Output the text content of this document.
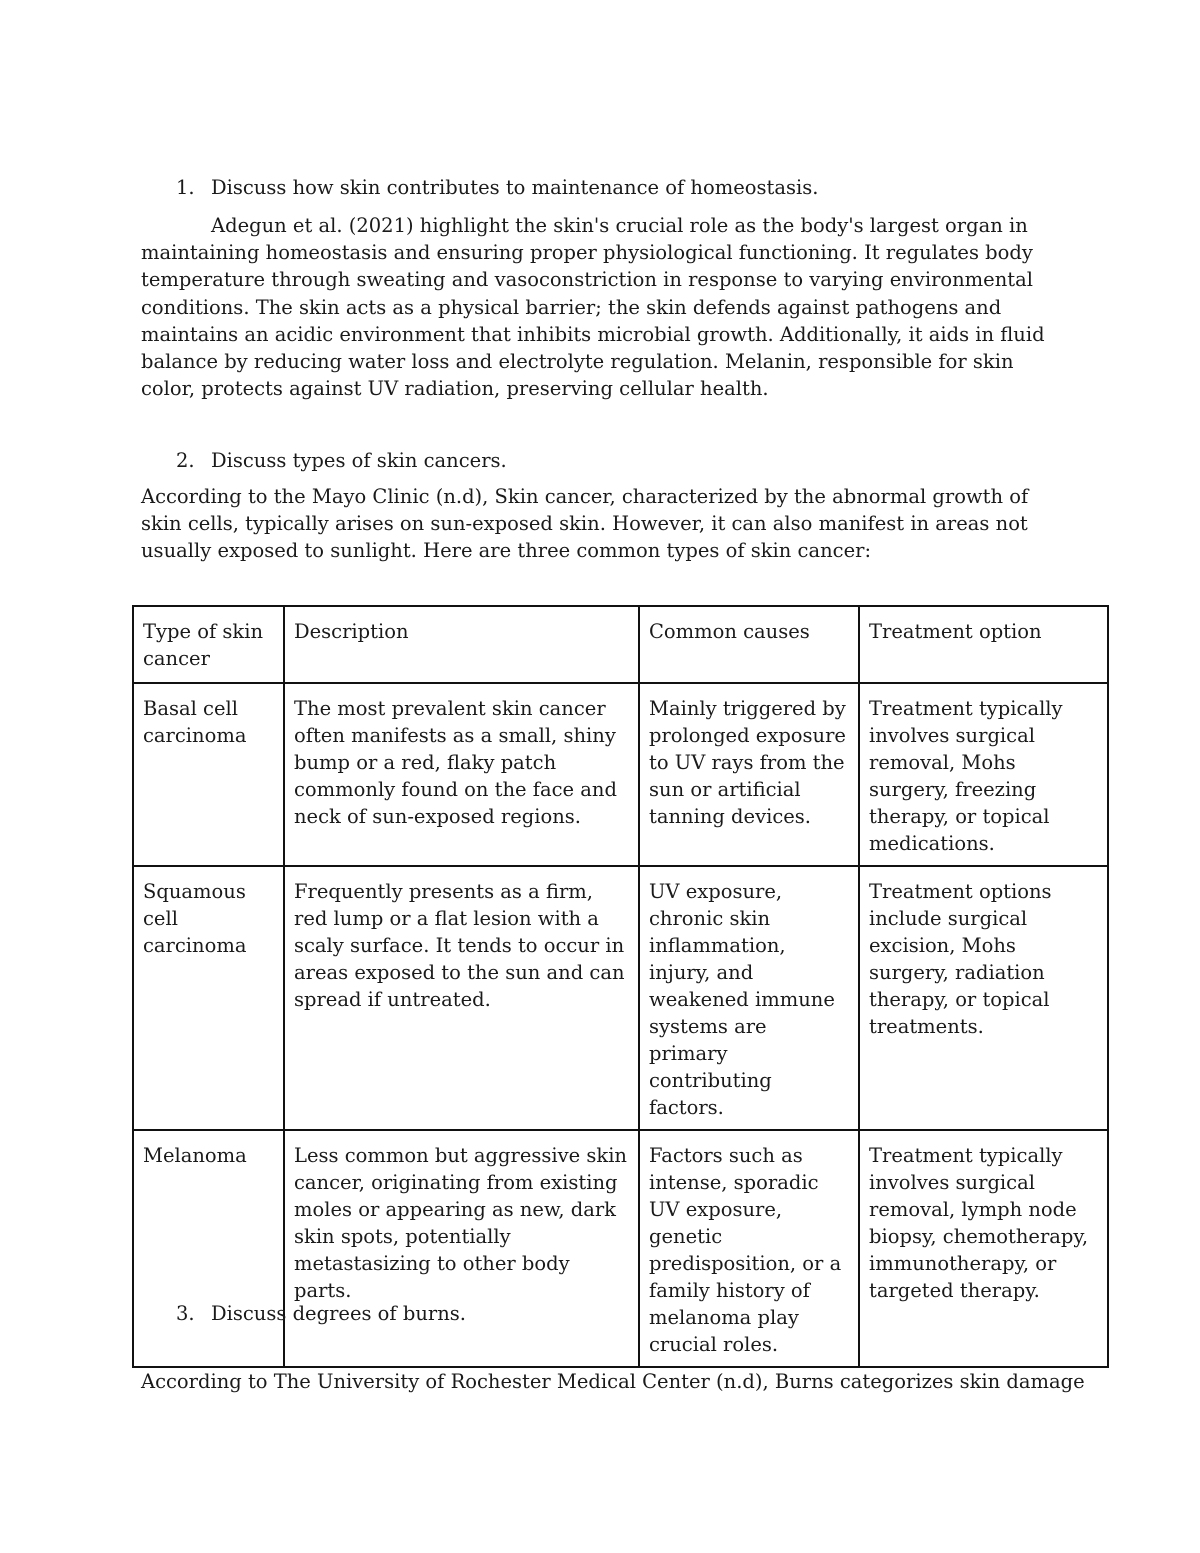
1. Discuss how skin contributes to maintenance of homeostasis.

Adegun et al. (2021) highlight the skin's crucial role as the body's largest organ in maintaining homeostasis and ensuring proper physiological functioning. It regulates body temperature through sweating and vasoconstriction in response to varying environmental conditions. The skin acts as a physical barrier; the skin defends against pathogens and maintains an acidic environment that inhibits microbial growth. Additionally, it aids in fluid balance by reducing water loss and electrolyte regulation. Melanin, responsible for skin color, protects against UV radiation, preserving cellular health.

2. Discuss types of skin cancers.

According to the Mayo Clinic (n.d), Skin cancer, characterized by the abnormal growth of skin cells, typically arises on sun-exposed skin. However, it can also manifest in areas not usually exposed to sunlight. Here are three common types of skin cancer:

Type of skin cancer	Description	Common causes	Treatment option
Basal cell carcinoma	The most prevalent skin cancer often manifests as a small, shiny bump or a red, flaky patch commonly found on the face and neck of sun-exposed regions.	Mainly triggered by prolonged exposure to UV rays from the sun or artificial tanning devices.	Treatment typically involves surgical removal, Mohs surgery, freezing therapy, or topical medications.
Squamous cell carcinoma	Frequently presents as a firm, red lump or a flat lesion with a scaly surface. It tends to occur in areas exposed to the sun and can spread if untreated.	UV exposure, chronic skin inflammation, injury, and weakened immune systems are primary contributing factors.	Treatment options include surgical excision, Mohs surgery, radiation therapy, or topical treatments.
Melanoma	Less common but aggressive skin cancer, originating from existing moles or appearing as new, dark skin spots, potentially metastasizing to other body parts.	Factors such as intense, sporadic UV exposure, genetic predisposition, or a family history of melanoma play crucial roles.	Treatment typically involves surgical removal, lymph node biopsy, chemotherapy, immunotherapy, or targeted therapy.
3. Discuss degrees of burns.

According to The University of Rochester Medical Center (n.d), Burns categorizes skin damage
